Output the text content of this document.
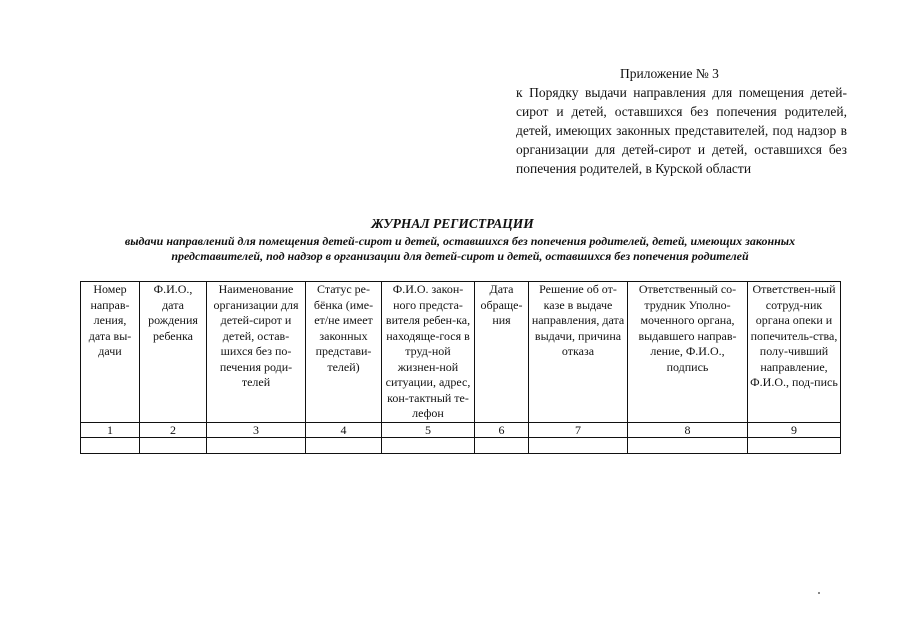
Приложение № 3
к Порядку выдачи направления для помещения детей-сирот и детей, оставшихся без попечения родителей, детей, имеющих законных представителей, под надзор в организации для детей-сирот и детей, оставшихся без попечения родителей, в Курской области
ЖУРНАЛ РЕГИСТРАЦИИ
выдачи направлений для помещения детей-сирот и детей, оставшихся без попечения родителей, детей, имеющих законных представителей, под надзор в организации для детей-сирот и детей, оставшихся без попечения родителей
Номер направ-ления, дата вы-дачи	Ф.И.О., дата рождения ребенка	Наименование организации для детей-сирот и детей, остав-шихся без по-печения роди-телей	Статус ре-бёнка (име-ет/не имеет законных представи-телей)	Ф.И.О. закон-ного предста-вителя ребен-ка, находяще-гося в труд-ной жизнен-ной ситуации, адрес, кон-тактный те-лефон	Дата обраще-ния	Решение об от-казе в выдаче направления, дата выдачи, причина отказа	Ответственный со-трудник Уполно-моченного органа, выдавшего направ-ление, Ф.И.О., подпись	Ответствен-ный сотруд-ник органа опеки и попечитель-ства, полу-чивший направление, Ф.И.О., под-пись
1	2	3	4	5	6	7	8	9
